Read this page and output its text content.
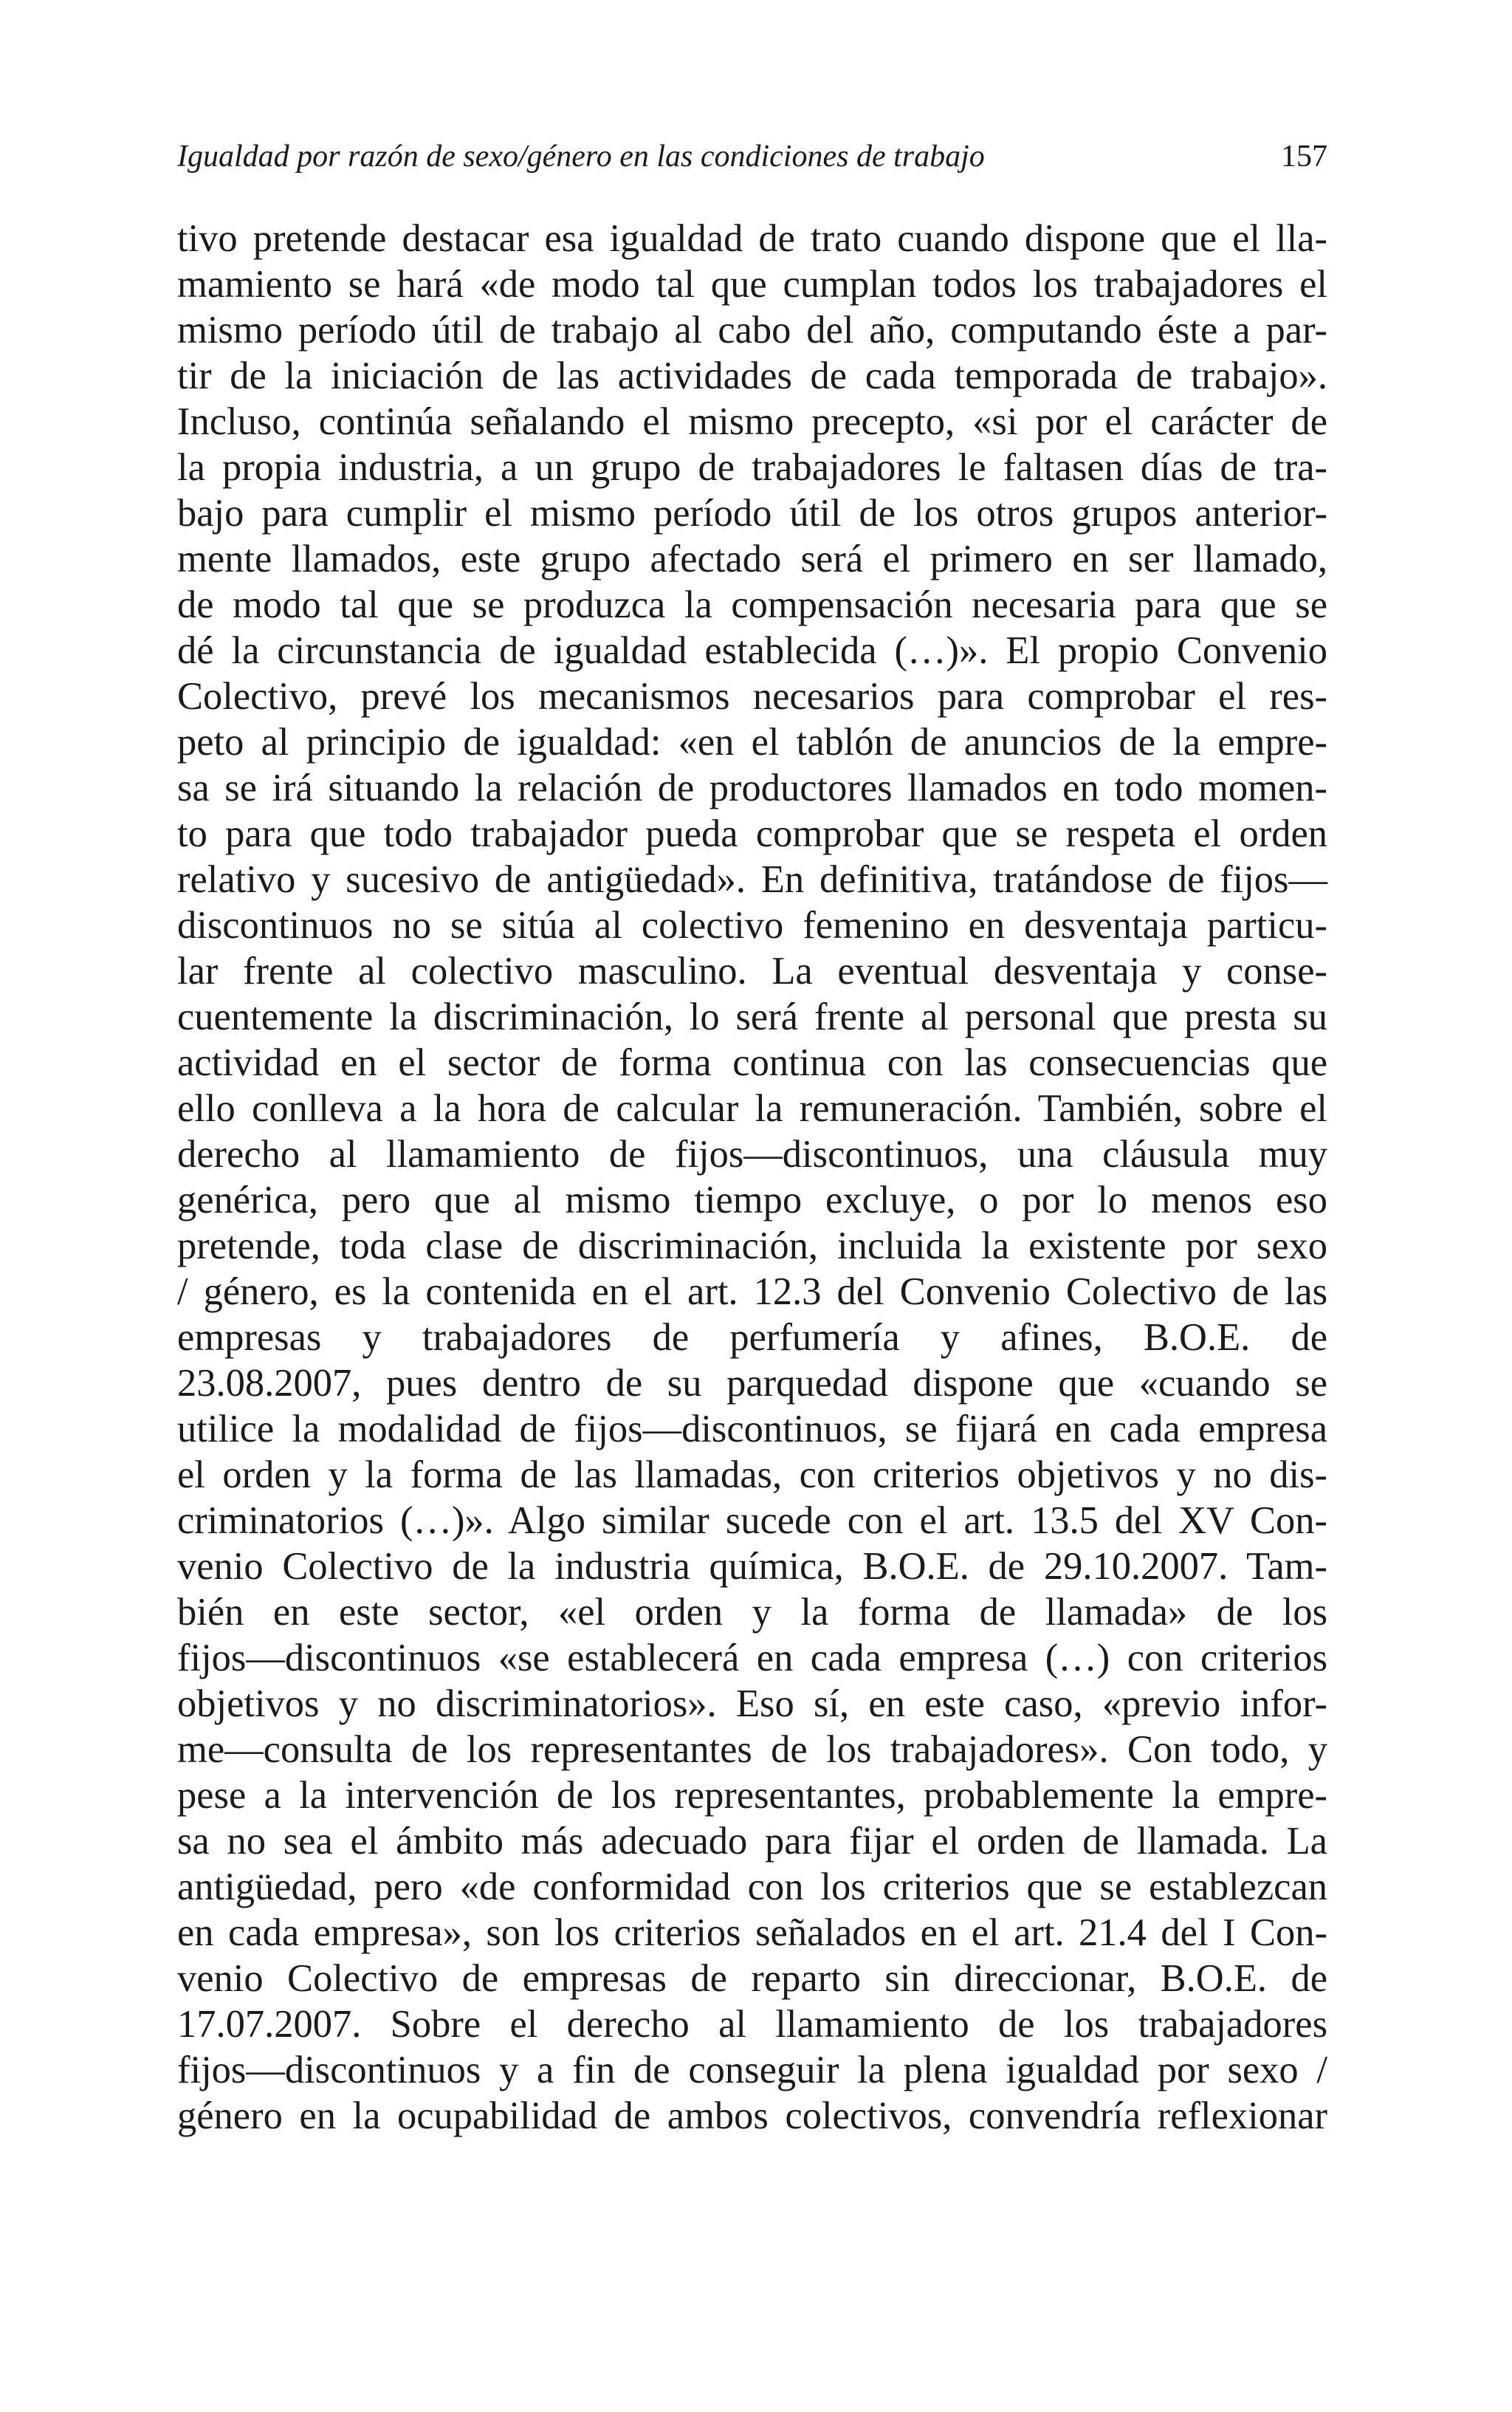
Igualdad por razón de sexo/género en las condiciones de trabajo	157
tivo pretende destacar esa igualdad de trato cuando dispone que el lla-
mamiento se hará «de modo tal que cumplan todos los trabajadores el
mismo período útil de trabajo al cabo del año, computando éste a par-
tir de la iniciación de las actividades de cada temporada de trabajo».
Incluso, continúa señalando el mismo precepto, «si por el carácter de
la propia industria, a un grupo de trabajadores le faltasen días de tra-
bajo para cumplir el mismo período útil de los otros grupos anterior-
mente llamados, este grupo afectado será el primero en ser llamado,
de modo tal que se produzca la compensación necesaria para que se
dé la circunstancia de igualdad establecida (…)». El propio Convenio
Colectivo, prevé los mecanismos necesarios para comprobar el res-
peto al principio de igualdad: «en el tablón de anuncios de la empre-
sa se irá situando la relación de productores llamados en todo momen-
to para que todo trabajador pueda comprobar que se respeta el orden
relativo y sucesivo de antigüedad». En definitiva, tratándose de fijos—
discontinuos no se sitúa al colectivo femenino en desventaja particu-
lar frente al colectivo masculino. La eventual desventaja y conse-
cuentemente la discriminación, lo será frente al personal que presta su
actividad en el sector de forma continua con las consecuencias que
ello conlleva a la hora de calcular la remuneración. También, sobre el
derecho al llamamiento de fijos—discontinuos, una cláusula muy
genérica, pero que al mismo tiempo excluye, o por lo menos eso
pretende, toda clase de discriminación, incluida la existente por sexo
/ género, es la contenida en el art. 12.3 del Convenio Colectivo de las
empresas y trabajadores de perfumería y afines, B.O.E. de
23.08.2007, pues dentro de su parquedad dispone que «cuando se
utilice la modalidad de fijos—discontinuos, se fijará en cada empresa
el orden y la forma de las llamadas, con criterios objetivos y no dis-
criminatorios (…)». Algo similar sucede con el art. 13.5 del XV Con-
venio Colectivo de la industria química, B.O.E. de 29.10.2007. Tam-
bién en este sector, «el orden y la forma de llamada» de los
fijos—discontinuos «se establecerá en cada empresa (…) con criterios
objetivos y no discriminatorios». Eso sí, en este caso, «previo infor-
me—consulta de los representantes de los trabajadores». Con todo, y
pese a la intervención de los representantes, probablemente la empre-
sa no sea el ámbito más adecuado para fijar el orden de llamada. La
antigüedad, pero «de conformidad con los criterios que se establezcan
en cada empresa», son los criterios señalados en el art. 21.4 del I Con-
venio Colectivo de empresas de reparto sin direccionar, B.O.E. de
17.07.2007. Sobre el derecho al llamamiento de los trabajadores
fijos—discontinuos y a fin de conseguir la plena igualdad por sexo /
género en la ocupabilidad de ambos colectivos, convendría reflexionar
